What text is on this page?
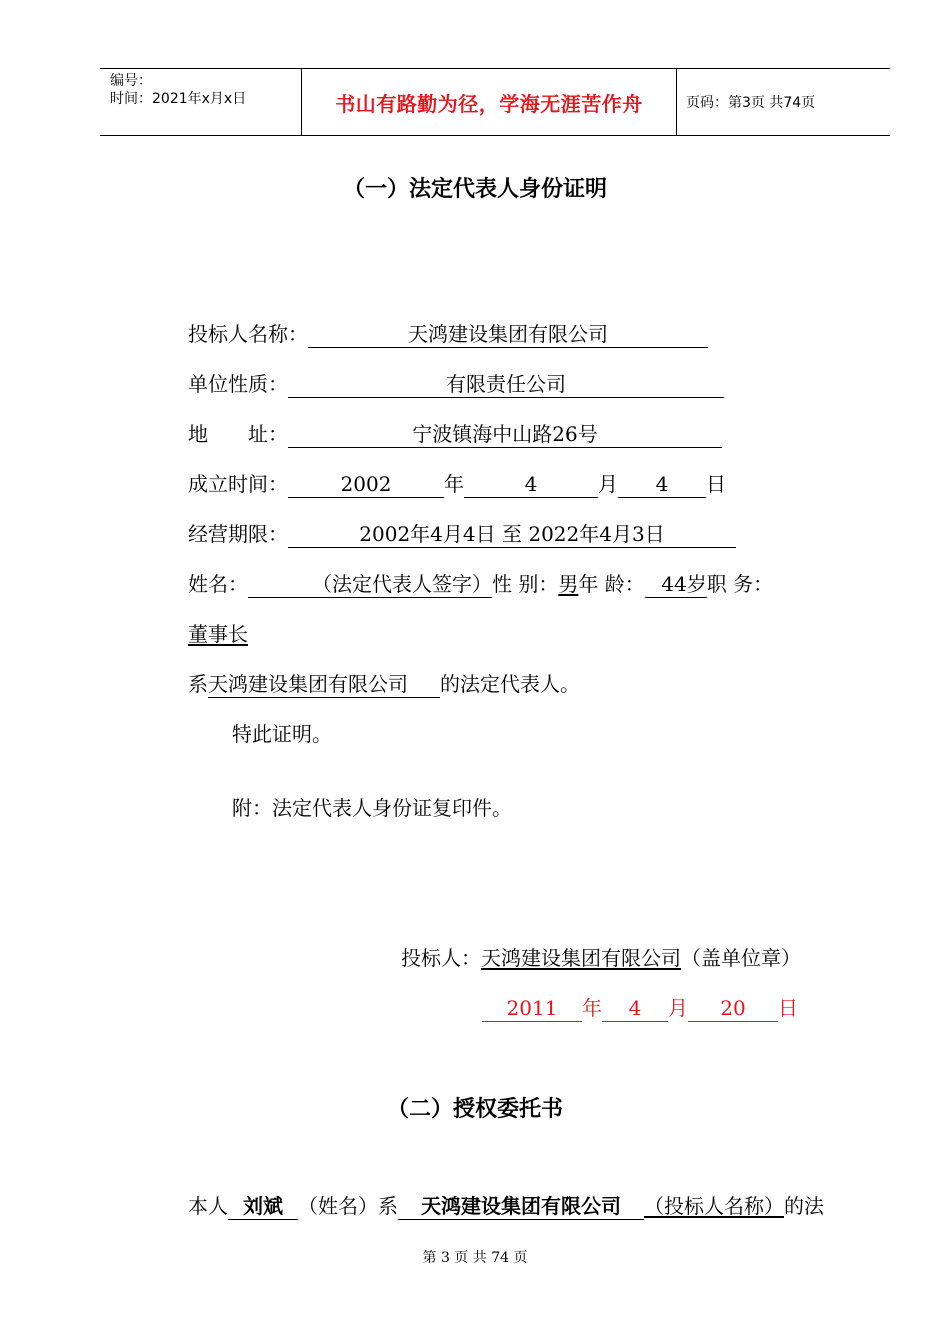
编号：
时间：2021年x月x日	书山有路勤为径，学海无涯苦作舟	页码：第3页 共74页
（一）法定代表人身份证明
投标人名称：	天鸿建设集团有限公司
单位性质：	有限责任公司
地　　址：	宁波镇海中山路26号
成立时间：	2002	年	4	月 4 日
经营期限：	2002年4月4日 至 2022年4月3日
姓名：	（法定代表人签字）性 别：男年 龄： 44岁职 务：
董事长
系天鸿建设集团有限公司 的法定代表人。
特此证明。
附：法定代表人身份证复印件。
投标人：天鸿建设集团有限公司（盖单位章）
2011 年 4 月 20 日
（二）授权委托书
本人 刘斌 （姓名）系 天鸿建设集团有限公司 （投标人名称）的法
第 3 页 共 74 页
